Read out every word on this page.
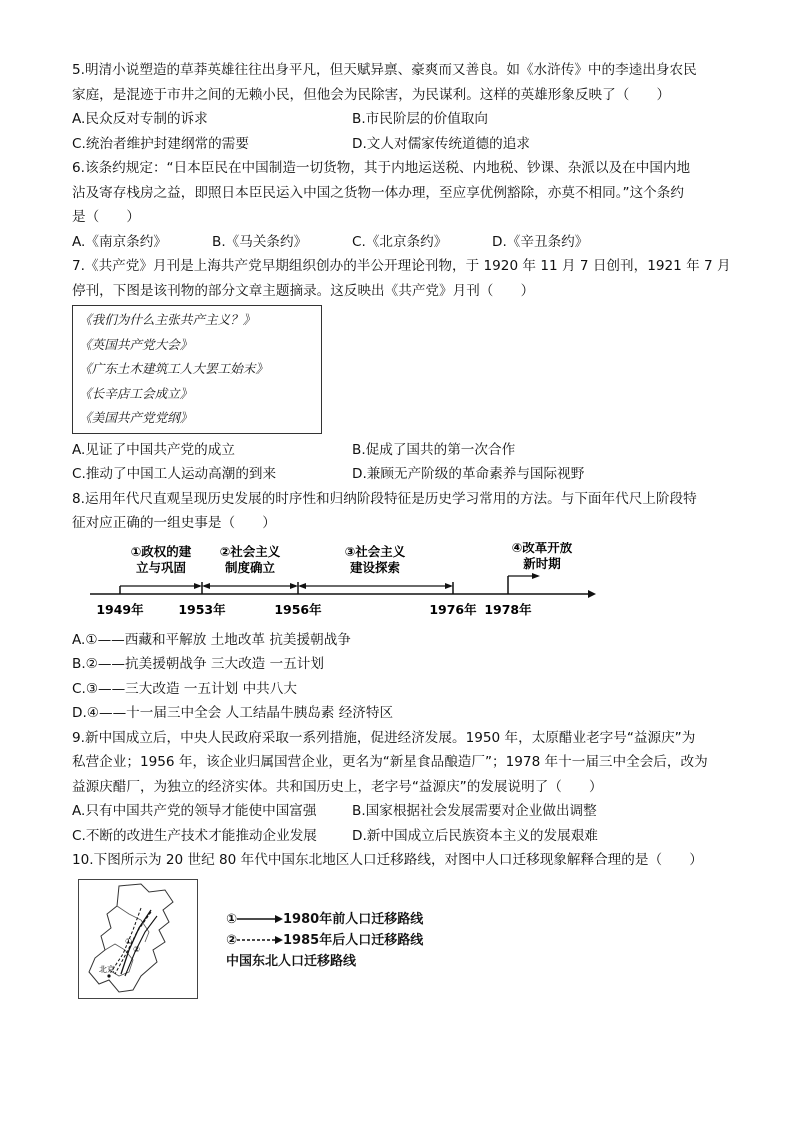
5.明清小说塑造的草莽英雄往往出身平凡，但天赋异禀、豪爽而又善良。如《水浒传》中的李逵出身农民
家庭，是混迹于市井之间的无赖小民，但他会为民除害，为民谋利。这样的英雄形象反映了（　　）
A.民众反对专制的诉求	B.市民阶层的价值取向
C.统治者维护封建纲常的需要	D.文人对儒家传统道德的追求
6.该条约规定：“日本臣民在中国制造一切货物，其于内地运送税、内地税、钞课、杂派以及在中国内地
沾及寄存栈房之益，即照日本臣民运入中国之货物一体办理，至应享优例豁除，亦莫不相同。”这个条约
是（　　）
A.《南京条约》	B.《马关条约》	C.《北京条约》	D.《辛丑条约》
7.《共产党》月刊是上海共产党早期组织创办的半公开理论刊物，于 1920 年 11 月 7 日创刊，1921 年 7 月
停刊，下图是该刊物的部分文章主题摘录。这反映出《共产党》月刊（　　）
《我们为什么主张共产主义？》
《英国共产党大会》
《广东土木建筑工人大罢工始末》
《长辛店工会成立》
《美国共产党党纲》
A.见证了中国共产党的成立	B.促成了国共的第一次合作
C.推动了中国工人运动高潮的到来	D.兼顾无产阶级的革命素养与国际视野
8.运用年代尺直观呈现历史发展的时序性和归纳阶段特征是历史学习常用的方法。与下面年代尺上阶段特
征对应正确的一组史事是（　　）
①政权的建
立与巩固
②社会主义
制度确立
③社会主义
建设探索
④改革开放
新时期
1949年	1953年	1956年	1976年 1978年
A.①——西藏和平解放 土地改革 抗美援朝战争
B.②——抗美援朝战争 三大改造 一五计划
C.③——三大改造 一五计划 中共八大
D.④——十一届三中全会 人工结晶牛胰岛素 经济特区
9.新中国成立后，中央人民政府采取一系列措施，促进经济发展。1950 年，太原醋业老字号“益源庆”为
私营企业；1956 年，该企业归属国营企业，更名为“新星食品酿造厂”；1978 年十一届三中全会后，改为
益源庆醋厂，为独立的经济实体。共和国历史上，老字号“益源庆”的发展说明了（　　）
A.只有中国共产党的领导才能使中国富强	B.国家根据社会发展需要对企业做出调整
C.不断的改进生产技术才能推动企业发展	D.新中国成立后民族资本主义的发展艰难
10.下图所示为 20 世纪 80 年代中国东北地区人口迁移路线，对图中人口迁移现象解释合理的是（　　）
①
②
北京
①	1980年前人口迁移路线
②	1985年后人口迁移路线
中国东北人口迁移路线
